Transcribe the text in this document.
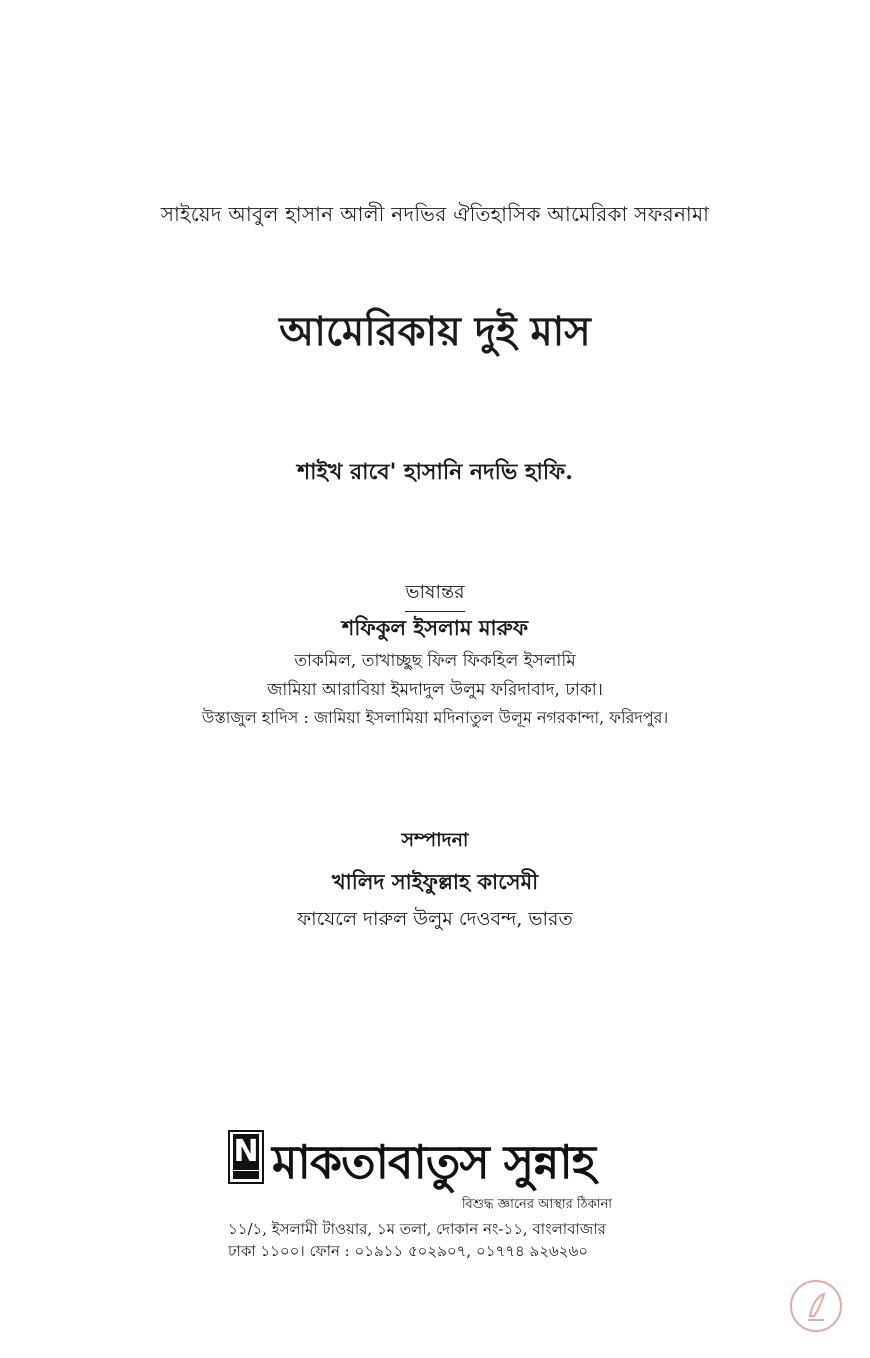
সাইয়েদ আবুল হাসান আলী নদভির ঐতিহাসিক আমেরিকা সফরনামা
আমেরিকায় দুই মাস
শাইখ রাবে' হাসানি নদভি হাফি.
ভাষান্তর
শফিকুল ইসলাম মারুফ
তাকমিল, তাখাচ্ছুছ ফিল ফিকহিল ইসলামি
জামিয়া আরাবিয়া ইমদাদুল উলুম ফরিদাবাদ, ঢাকা।
উস্তাজুল হাদিস : জামিয়া ইসলামিয়া মদিনাতুল উলূম নগরকান্দা, ফরিদপুর।
সম্পাদনা
খালিদ সাইফুল্লাহ কাসেমী
ফাযেলে দারুল উলুম দেওবন্দ, ভারত
N মাকতাবাতুস সুন্নাহ
বিশুদ্ধ জ্ঞানের আস্থার ঠিকানা
১১/১, ইসলামী টাওয়ার, ১ম তলা, দোকান নং-১১, বাংলাবাজার
ঢাকা ১১০০। ফোন : ০১৯১১ ৫০২৯০৭, ০১৭৭৪ ৯২৬২৬০
